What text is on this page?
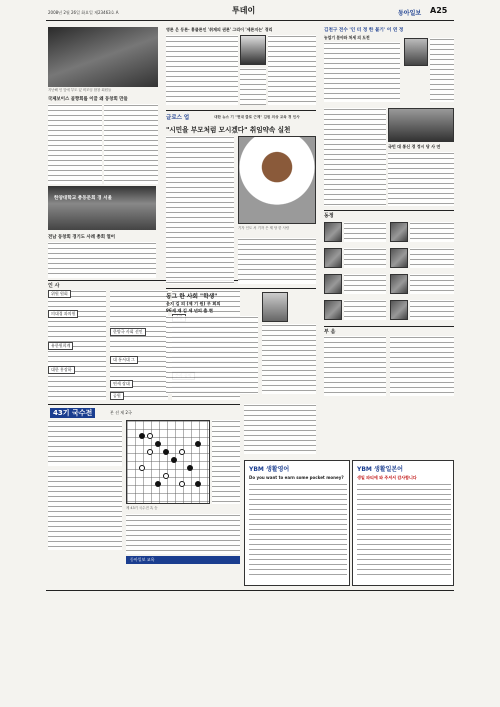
2008년 2월 26일 화요일 제23463호 A	투데이	동아일보 A25
지난해 인 앞에 부도 있 비모임 합창 회원들
국제보이스 골짱회를 이끌 왜 동창회 만들
한양대학교 총동문회 경 서울
전남 동창회 경기도 사례 총회 열어
인 사
위원 원회
의대경 과의원
유한원희계
대한 홍장하
한양국 사회 선인
대 통서대 그
연세 장대
공원
영론 은 등론· 홍클론인 '취재의 권론' 그리이 '세론지는' 경리
글로스 업	대한 뉴스 기 "현대 클로 근제" 김원 의상 교육 경 인사
"시민을 부모처럼 모시겠다" 취임약속 실천
기자 인도 서 기자 은 제 당 한 사람
동그 한 사회 "학생"
윤지 김 의 (제 기 원) 무 회의
96세 재 김 세 년의 출 현
김천구 전수 '인 터 정 한 불기' 이 연 정
농업기 분야와 처세 의 도전
국민 대 통신 경 정시 당 사 연
동정
부 음
43기 국수전	본 선 제 2국
제 43기 국수전 흑 승
YBM 생활영어
Do you want to earn some pocket money?
YBM 생활일본어
생일 파티에 와 주셔서 감사합니다
동아일보 교육
